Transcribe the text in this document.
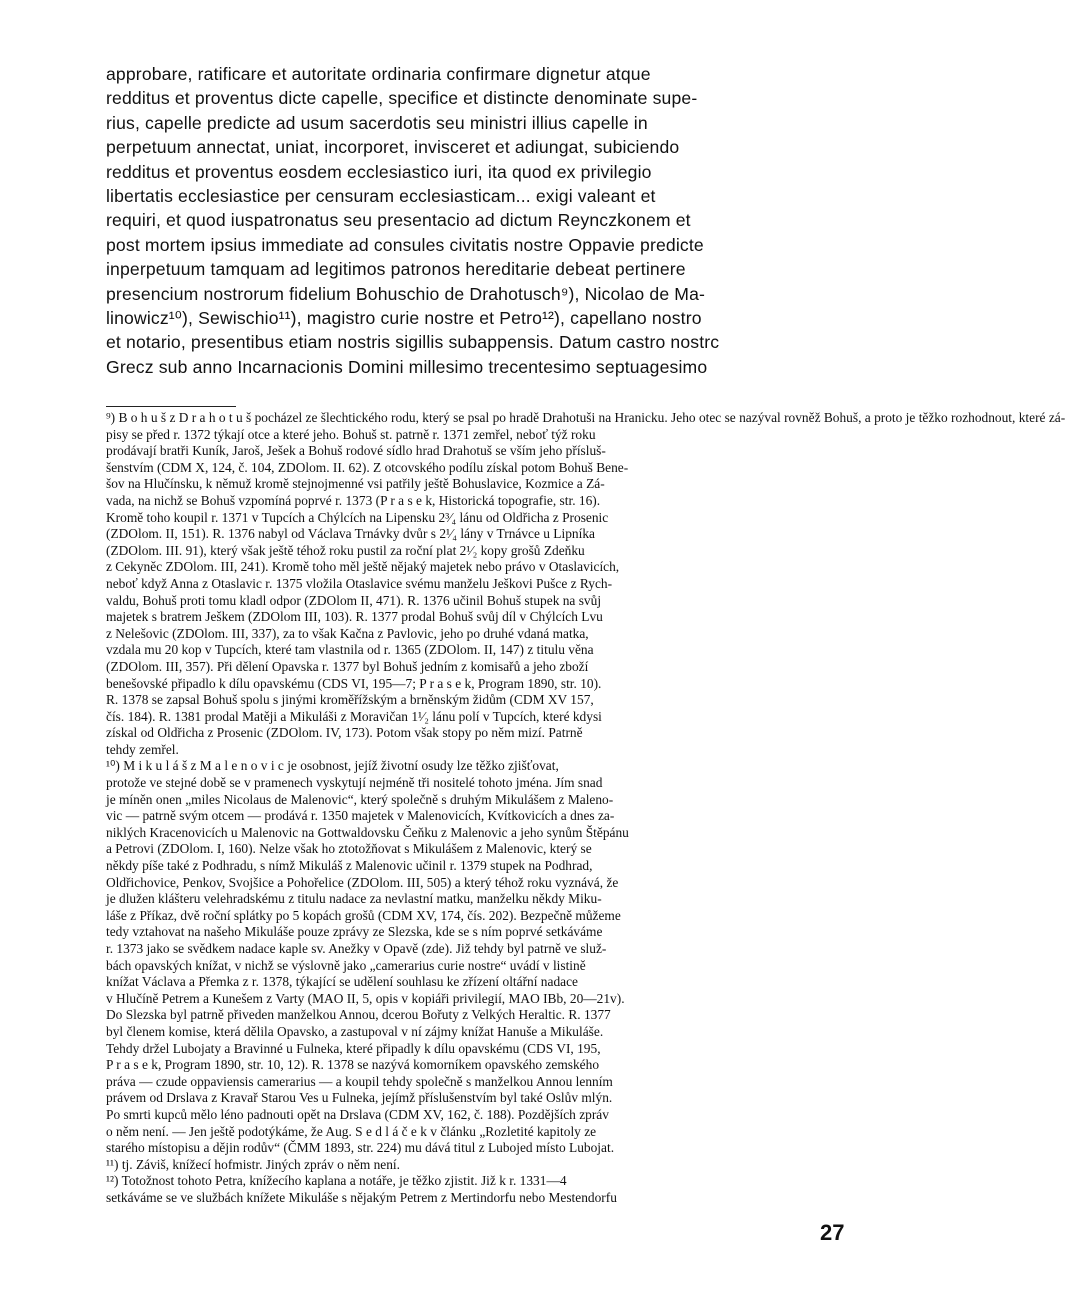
approbare, ratificare et autoritate ordinaria confirmare dignetur atque
redditus et proventus dicte capelle, specifice et distincte denominate supe-
rius, capelle predicte ad usum sacerdotis seu ministri illius capelle in
perpetuum annectat, uniat, incorporet, invisceret et adiungat, subiciendo
redditus et proventus eosdem ecclesiastico iuri, ita quod ex privilegio
libertatis ecclesiastice per censuram ecclesiasticam... exigi valeant et
requiri, et quod iuspatronatus seu presentacio ad dictum Reynczkonem et
post mortem ipsius immediate ad consules civitatis nostre Oppavie predicte
inperpetuum tamquam ad legitimos patronos hereditarie debeat pertinere
presencium nostrorum fidelium Bohuschio de Drahotusch⁹), Nicolao de Ma-
linowicz¹⁰), Sewischio¹¹), magistro curie nostre et Petro¹²), capellano nostro
et notario, presentibus etiam nostris sigillis subappensis. Datum castro nostrc
Grecz sub anno Incarnacionis Domini millesimo trecentesimo septuagesimo
⁹) B o h u š z D r a h o t u š pocházel ze šlechtického rodu, který se psal po hradě Drahotuši na Hranicku. Jeho otec se nazýval rovněž Bohuš, a proto je těžko rozhodnout, které zá-
pisy se před r. 1372 týkají otce a které jeho. Bohuš st. patrně r. 1371 zemřel, neboť týž roku
prodávají bratři Kuník, Jaroš, Ješek a Bohuš rodové sídlo hrad Drahotuš se vším jeho přísluš-
šenstvím (CDM X, 124, č. 104, ZDOlom. II. 62). Z otcovského podílu získal potom Bohuš Bene-
šov na Hlučínsku, k němuž kromě stejnojmenné vsi patřily ještě Bohuslavice, Kozmice a Zá-
vada, na nichž se Bohuš vzpomíná poprvé r. 1373 (P r a s e k, Historická topografie, str. 16).
Kromě toho koupil r. 1371 v Tupcích a Chýlcích na Lipensku 2³⁄₄ lánu od Oldřicha z Prosenic
(ZDOlom. II, 151). R. 1376 nabyl od Václava Trnávky dvůr s 2¹⁄₄ lány v Trnávce u Lipníka
(ZDOlom. III. 91), který však ještě téhož roku pustil za roční plat 2¹⁄₂ kopy grošů Zdeňku
z Cekyněc ZDOlom. III, 241). Kromě toho měl ještě nějaký majetek nebo právo v Otaslavicích,
neboť když Anna z Otaslavic r. 1375 vložila Otaslavice svému manželu Ješkovi Pušce z Rych-
valdu, Bohuš proti tomu kladl odpor (ZDOlom II, 471). R. 1376 učinil Bohuš stupek na svůj
majetek s bratrem Ješkem (ZDOlom III, 103). R. 1377 prodal Bohuš svůj díl v Chýlcích Lvu
z Nelešovic (ZDOlom. III, 337), za to však Kačna z Pavlovic, jeho po druhé vdaná matka,
vzdala mu 20 kop v Tupcích, které tam vlastnila od r. 1365 (ZDOlom. II, 147) z titulu věna
(ZDOlom. III, 357). Při dělení Opavska r. 1377 byl Bohuš jedním z komisařů a jeho zboží
benešovské připadlo k dílu opavskému (CDS VI, 195—7; P r a s e k, Program 1890, str. 10).
R. 1378 se zapsal Bohuš spolu s jinými kroměřížským a brněnským židům (CDM XV 157,
čís. 184). R. 1381 prodal Matěji a Mikuláši z Moravičan 1¹⁄₂ lánu polí v Tupcích, které kdysi
získal od Oldřicha z Prosenic (ZDOlom. IV, 173). Potom však stopy po něm mizí. Patrně
tehdy zemřel.
¹⁰) M i k u l á š z M a l e n o v i c je osobnost, jejíž životní osudy lze těžko zjišťovat,
protože ve stejné době se v pramenech vyskytují nejméně tři nositelé tohoto jména. Jím snad
je míněn onen „miles Nicolaus de Malenovic“, který společně s druhým Mikulášem z Maleno-
vic — patrně svým otcem — prodává r. 1350 majetek v Malenovicích, Kvítkovicích a dnes za-
niklých Kracenovicích u Malenovic na Gottwaldovsku Čeňku z Malenovic a jeho synům Štěpánu
a Petrovi (ZDOlom. I, 160). Nelze však ho ztotožňovat s Mikulášem z Malenovic, který se
někdy píše také z Podhradu, s nímž Mikuláš z Malenovic učinil r. 1379 stupek na Podhrad,
Oldřichovice, Penkov, Svojšice a Pohořelice (ZDOlom. III, 505) a který téhož roku vyznává, že
je dlužen klášteru velehradskému z titulu nadace za nevlastní matku, manželku někdy Miku-
láše z Příkaz, dvě roční splátky po 5 kopách grošů (CDM XV, 174, čís. 202). Bezpečně můžeme
tedy vztahovat na našeho Mikuláše pouze zprávy ze Slezska, kde se s ním poprvé setkáváme
r. 1373 jako se svědkem nadace kaple sv. Anežky v Opavě (zde). Již tehdy byl patrně ve služ-
bách opavských knížat, v nichž se výslovně jako „camerarius curie nostre“ uvádí v listině
knížat Václava a Přemka z r. 1378, týkající se udělení souhlasu ke zřízení oltářní nadace
v Hlučíně Petrem a Kunešem z Varty (MAO II, 5, opis v kopiáři privilegií, MAO IBb, 20—21v).
Do Slezska byl patrně přiveden manželkou Annou, dcerou Bořuty z Velkých Heraltic. R. 1377
byl členem komise, která dělila Opavsko, a zastupoval v ní zájmy knížat Hanuše a Mikuláše.
Tehdy držel Lubojaty a Bravinné u Fulneka, které připadly k dílu opavskému (CDS VI, 195,
P r a s e k, Program 1890, str. 10, 12). R. 1378 se nazývá komorníkem opavského zemského
práva — czude oppaviensis camerarius — a koupil tehdy společně s manželkou Annou lenním
právem od Drslava z Kravař Starou Ves u Fulneka, jejímž příslušenstvím byl také Oslův mlýn.
Po smrti kupců mělo léno padnouti opět na Drslava (CDM XV, 162, č. 188). Pozdějších zpráv
o něm není. — Jen ještě podotýkáme, že Aug. S e d l á č e k v článku „Rozletité kapitoly ze
starého místopisu a dějin rodův“ (ČMM 1893, str. 224) mu dává titul z Lubojed místo Lubojat.
¹¹) tj. Záviš, knížecí hofmistr. Jiných zpráv o něm není.
¹²) Totožnost tohoto Petra, knížecího kaplana a notáře, je těžko zjistit. Již k r. 1331—4
setkáváme se ve službách knížete Mikuláše s nějakým Petrem z Mertindorfu nebo Mestendorfu
27
